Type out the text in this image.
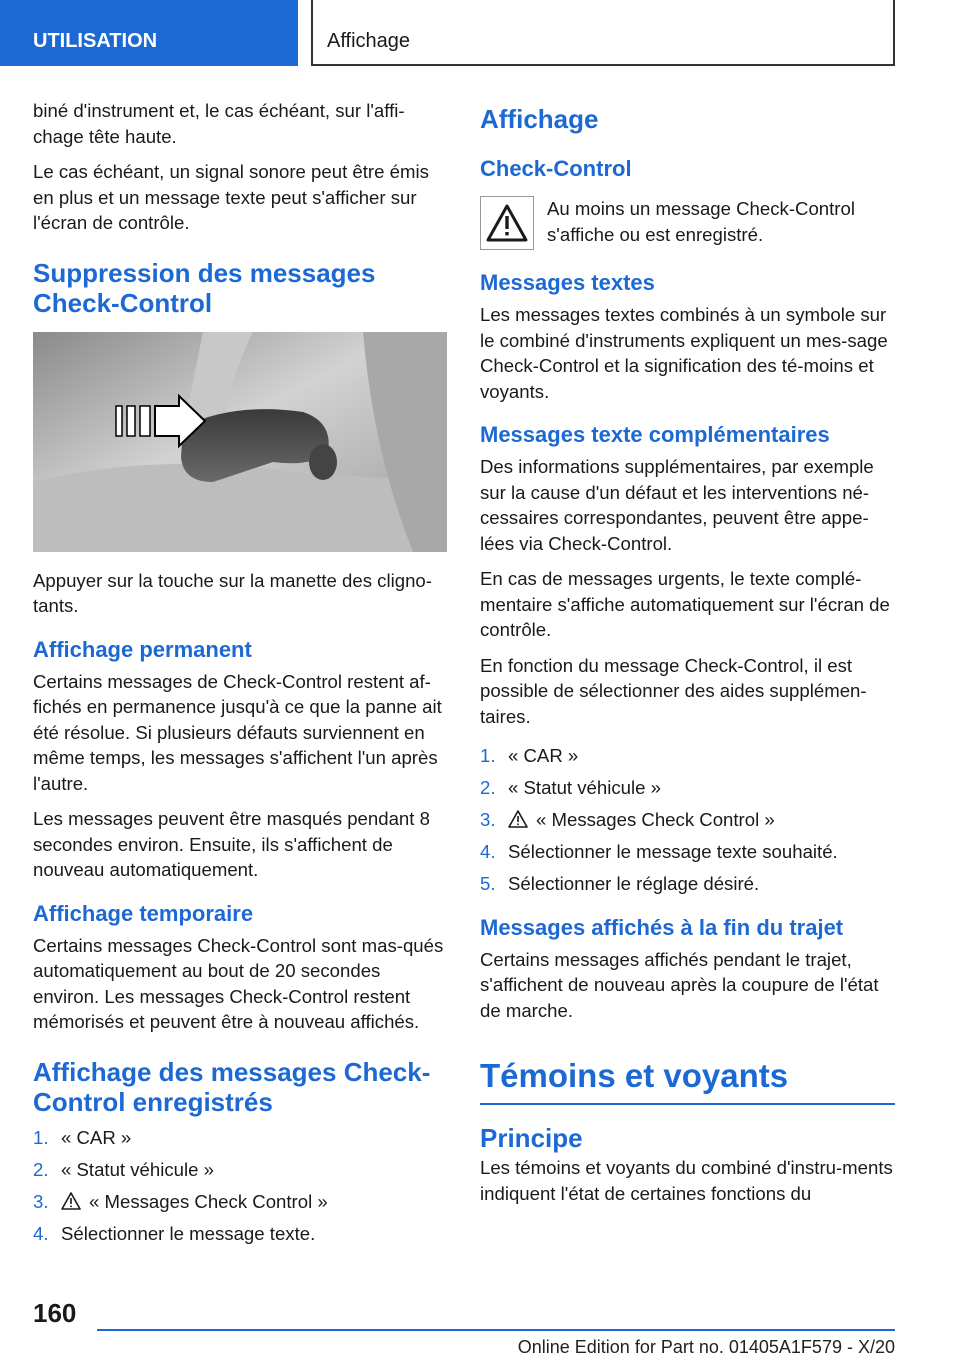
UTILISATION	Affichage

biné d'instrument et, le cas échéant, sur l'affi-chage tête haute.

Le cas échéant, un signal sonore peut être émis en plus et un message texte peut s'afficher sur l'écran de contrôle.

Suppression des messages Check-Control

Appuyer sur la touche sur la manette des cligno-tants.

Affichage permanent

Certains messages de Check-Control restent af-fichés en permanence jusqu'à ce que la panne ait été résolue. Si plusieurs défauts surviennent en même temps, les messages s'affichent l'un après l'autre.

Les messages peuvent être masqués pendant 8 secondes environ. Ensuite, ils s'affichent de nouveau automatiquement.

Affichage temporaire

Certains messages Check-Control sont mas-qués automatiquement au bout de 20 secondes environ. Les messages Check-Control restent mémorisés et peuvent être à nouveau affichés.

Affichage des messages Check-Control enregistrés
1. « CAR »
2. « Statut véhicule »
3. « Messages Check Control »
4. Sélectionner le message texte.
Affichage
Check-Control

Au moins un message Check-Control s'affiche ou est enregistré.

Messages textes

Les messages textes combinés à un symbole sur le combiné d'instruments expliquent un mes-sage Check-Control et la signification des té-moins et voyants.

Messages texte complémentaires

Des informations supplémentaires, par exemple sur la cause d'un défaut et les interventions né-cessaires correspondantes, peuvent être appe-lées via Check-Control.

En cas de messages urgents, le texte complé-mentaire s'affiche automatiquement sur l'écran de contrôle.

En fonction du message Check-Control, il est possible de sélectionner des aides supplémen-taires.

1. « CAR »
2. « Statut véhicule »
3. « Messages Check Control »
4. Sélectionner le message texte souhaité.
5. Sélectionner le réglage désiré.
Messages affichés à la fin du trajet

Certains messages affichés pendant le trajet, s'affichent de nouveau après la coupure de l'état de marche.

Témoins et voyants
Principe

Les témoins et voyants du combiné d'instru-ments indiquent l'état de certaines fonctions du

160
Online Edition for Part no. 01405A1F579 - X/20
